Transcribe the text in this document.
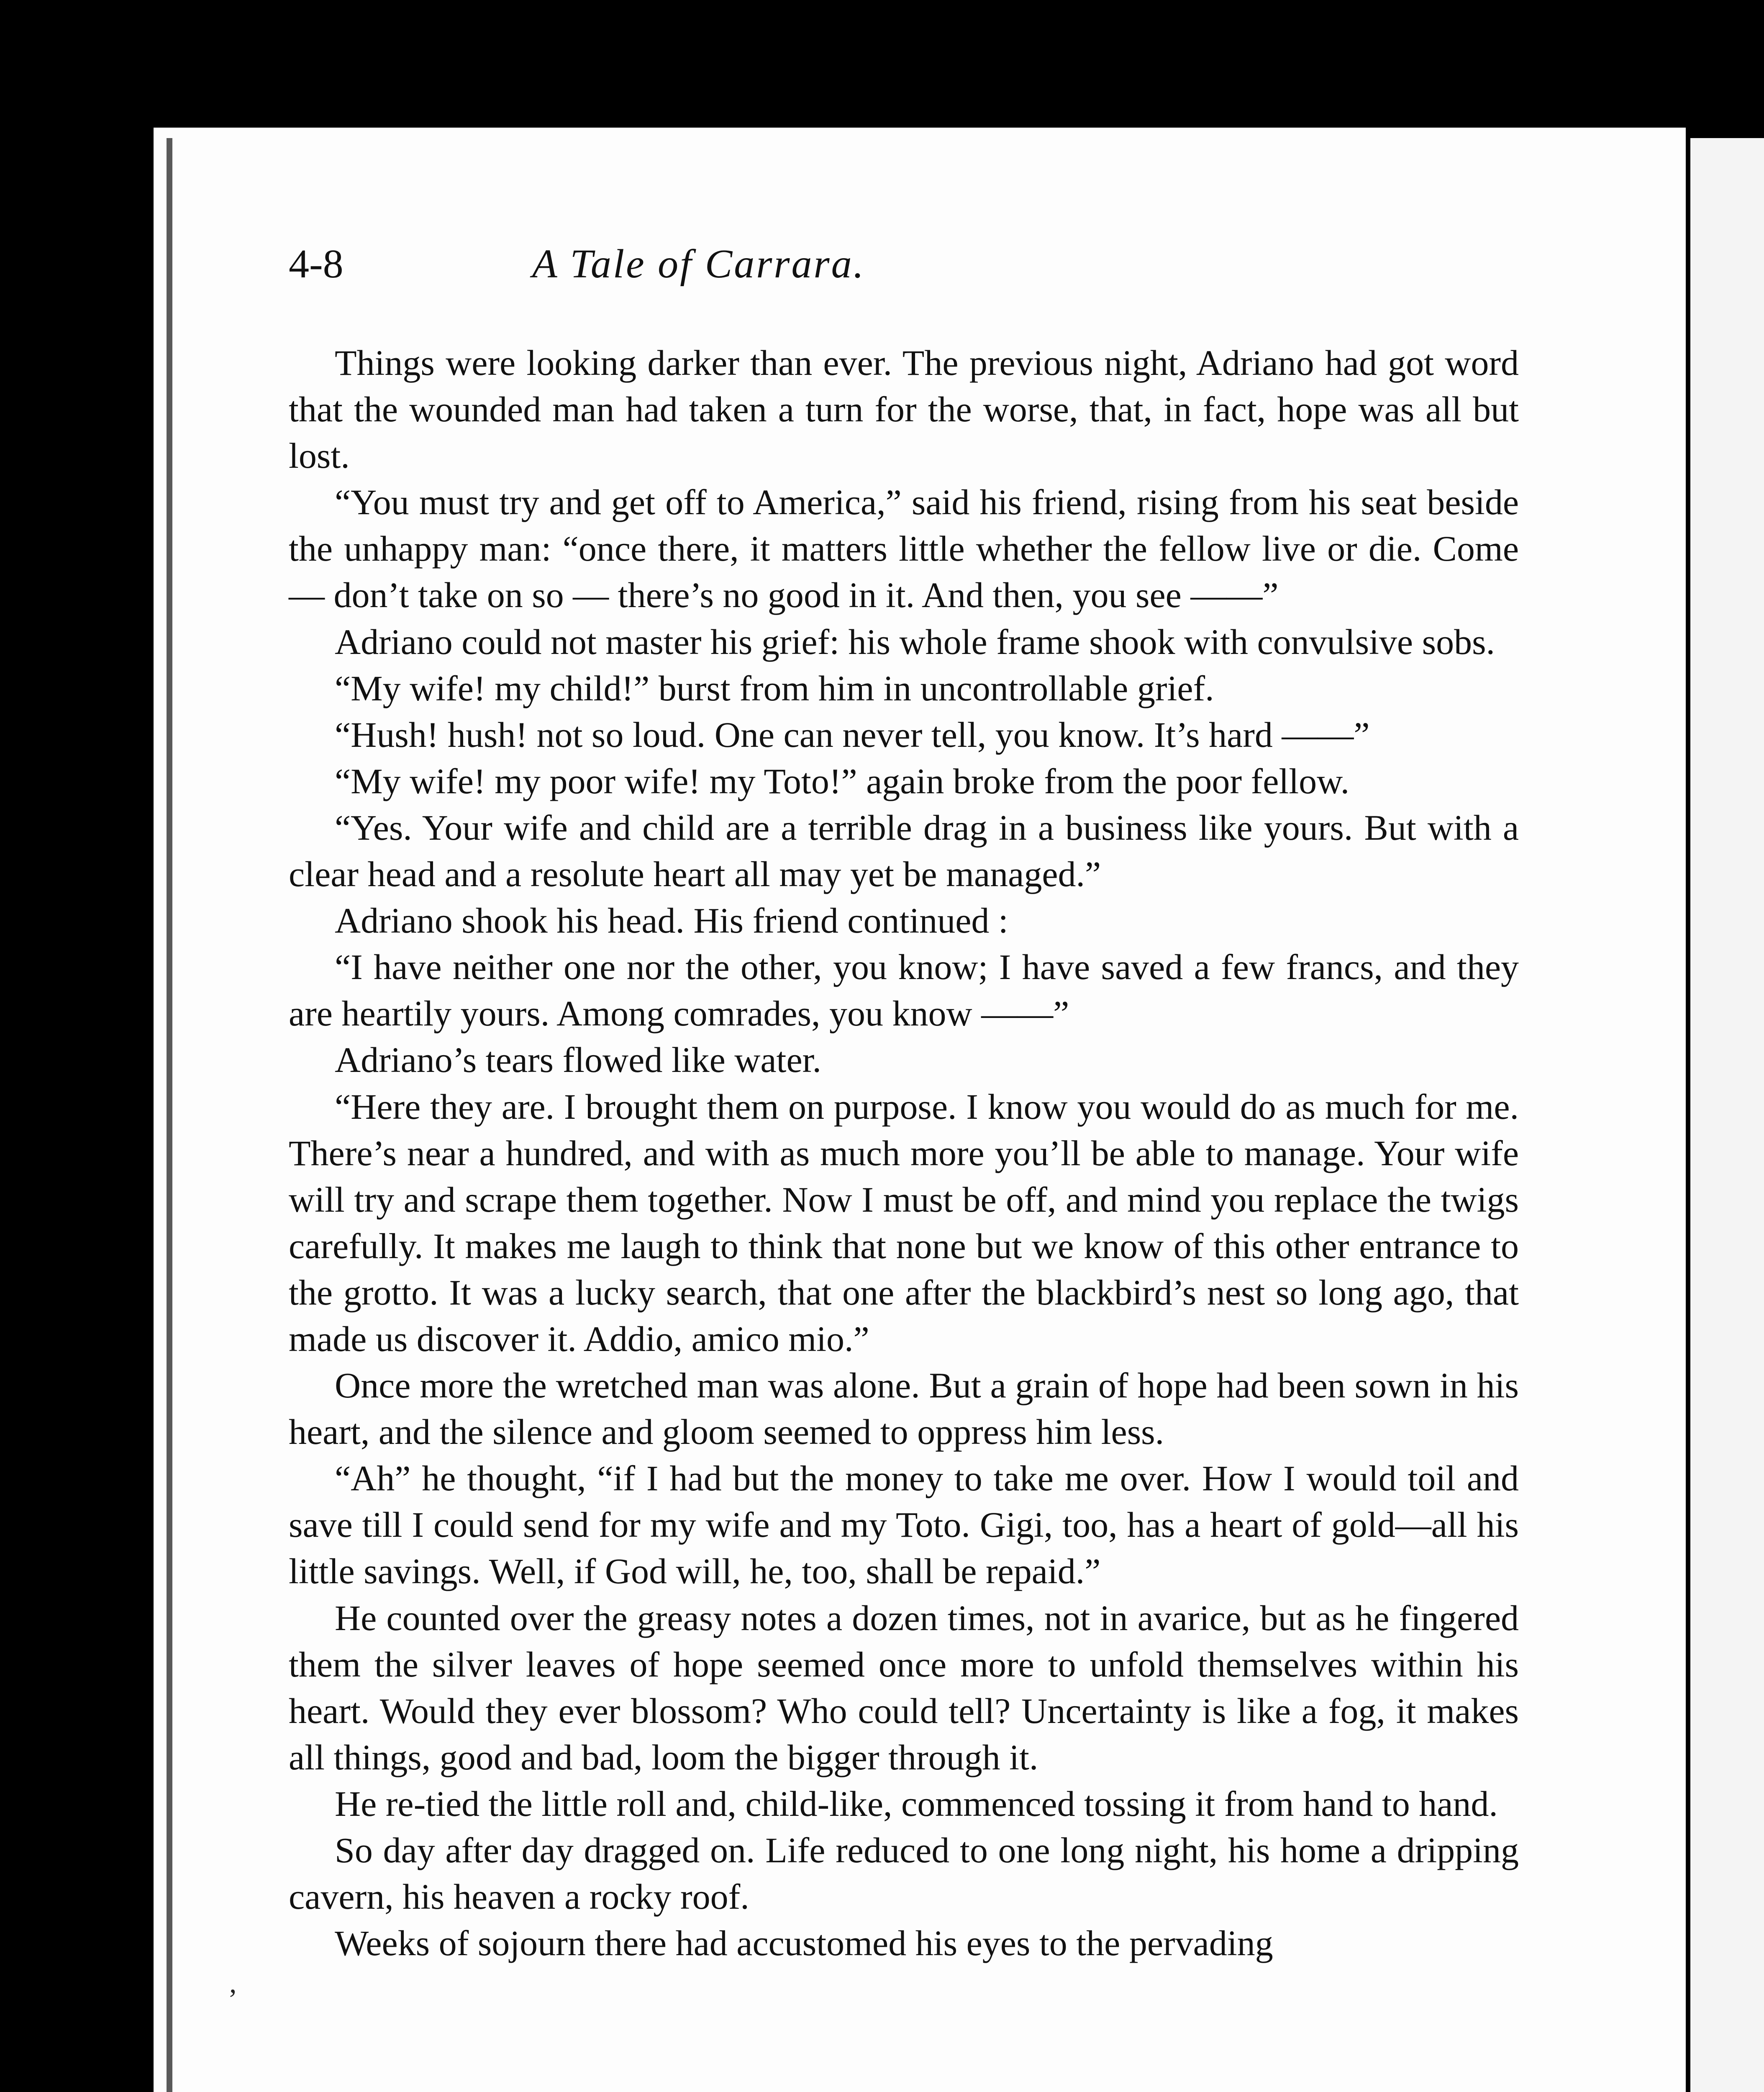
4-8	A Tale of Carrara.
,

Things were looking darker than ever. The previous night, Adriano had got word that the wounded man had taken a turn for the worse, that, in fact, hope was all but lost.

“You must try and get off to America,” said his friend, rising from his seat beside the unhappy man: “once there, it matters little whether the fellow live or die. Come — don’t take on so — there’s no good in it. And then, you see ——”

Adriano could not master his grief: his whole frame shook with convulsive sobs.

“My wife! my child!” burst from him in uncontrollable grief.

“Hush! hush! not so loud. One can never tell, you know. It’s hard ——”

“My wife! my poor wife! my Toto!” again broke from the poor fellow.

“Yes. Your wife and child are a terrible drag in a business like yours. But with a clear head and a resolute heart all may yet be managed.”

Adriano shook his head. His friend continued :

“I have neither one nor the other, you know; I have saved a few francs, and they are heartily yours. Among comrades, you know ——”

Adriano’s tears flowed like water.

“Here they are. I brought them on purpose. I know you would do as much for me. There’s near a hundred, and with as much more you’ll be able to manage. Your wife will try and scrape them together. Now I must be off, and mind you replace the twigs carefully. It makes me laugh to think that none but we know of this other entrance to the grotto. It was a lucky search, that one after the blackbird’s nest so long ago, that made us discover it. Addio, amico mio.”

Once more the wretched man was alone. But a grain of hope had been sown in his heart, and the silence and gloom seemed to oppress him less.

“Ah” he thought, “if I had but the money to take me over. How I would toil and save till I could send for my wife and my Toto. Gigi, too, has a heart of gold—all his little savings. Well, if God will, he, too, shall be repaid.”

He counted over the greasy notes a dozen times, not in avarice, but as he fingered them the silver leaves of hope seemed once more to unfold themselves within his heart. Would they ever blossom? Who could tell? Uncertainty is like a fog, it makes all things, good and bad, loom the bigger through it.

He re-tied the little roll and, child-like, commenced tossing it from hand to hand.

So day after day dragged on. Life reduced to one long night, his home a dripping cavern, his heaven a rocky roof.

Weeks of sojourn there had accustomed his eyes to the pervading
